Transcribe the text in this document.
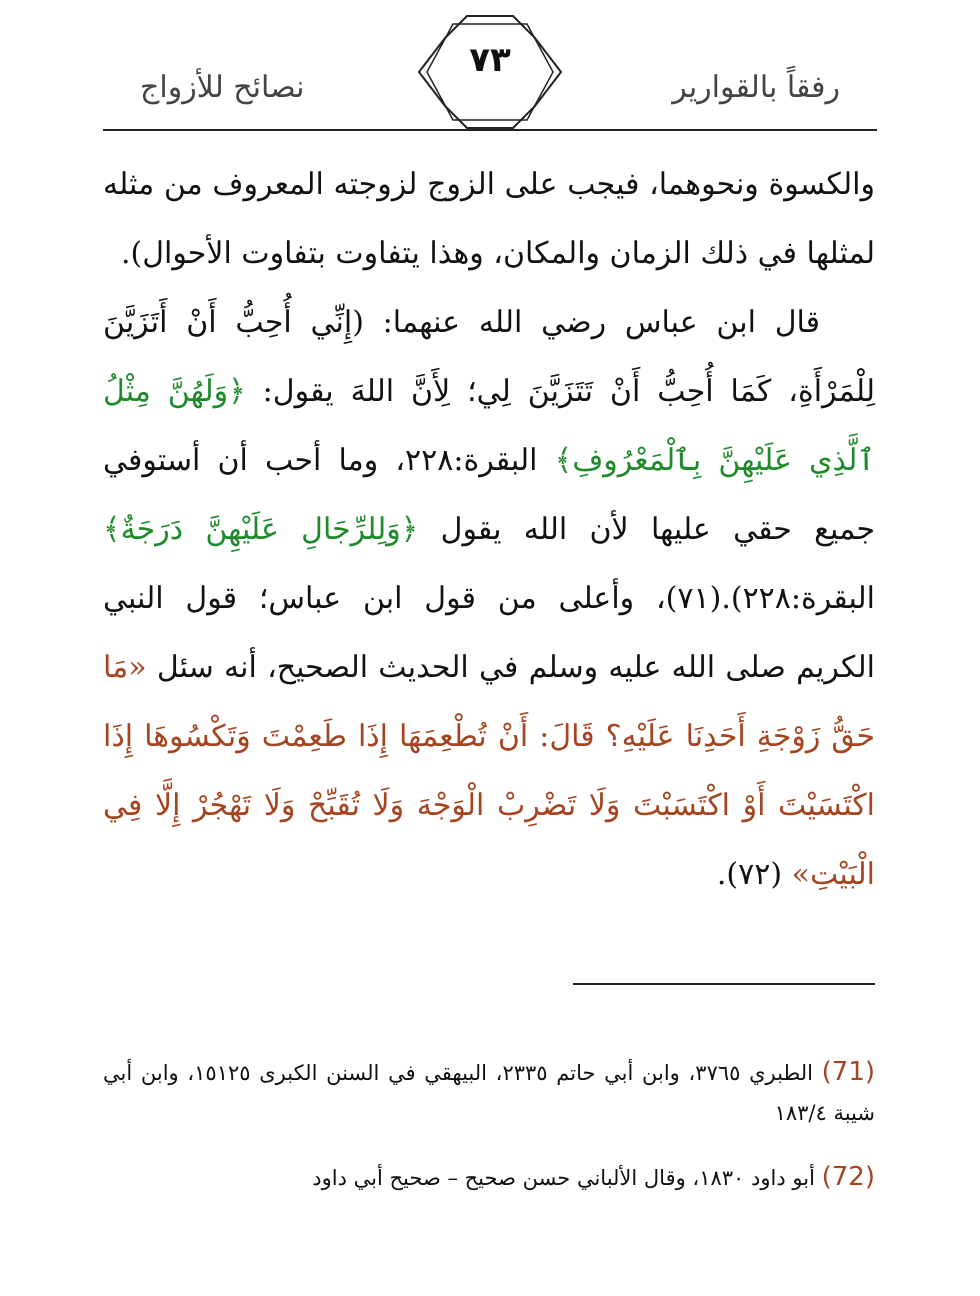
نصائح للأزواج
٧٣
رفقاً بالقوارير

والكسوة ونحوهما، فيجب على الزوج لزوجته المعروف من مثله لمثلها في ذلك الزمان والمكان، وهذا يتفاوت بتفاوت الأحوال).

قال ابن عباس رضي الله عنهما: (إِنِّي أُحِبُّ أَنْ أَتَزَيَّنَ لِلْمَرْأَةِ، كَمَا أُحِبُّ أَنْ تَتَزَيَّنَ لِي؛ لِأَنَّ اللهَ يقول: ﴿وَلَهُنَّ مِثْلُ ٱلَّذِي عَلَيْهِنَّ بِٱلْمَعْرُوفِ﴾ البقرة:٢٢٨، وما أحب أن أستوفي جميع حقي عليها لأن الله يقول ﴿وَلِلرِّجَالِ عَلَيْهِنَّ دَرَجَةٌ﴾ البقرة:٢٢٨).(٧١)، وأعلى من قول ابن عباس؛ قول النبي الكريم صلى الله عليه وسلم في الحديث الصحيح، أنه سئل «مَا حَقُّ زَوْجَةِ أَحَدِنَا عَلَيْهِ؟ قَالَ: أَنْ تُطْعِمَهَا إِذَا طَعِمْتَ وَتَكْسُوهَا إِذَا اكْتَسَيْتَ أَوْ اكْتَسَبْتَ وَلَا تَضْرِبْ الْوَجْهَ وَلَا تُقَبِّحْ وَلَا تَهْجُرْ إِلَّا فِي الْبَيْتِ» (٧٢).

(71) الطبري ٣٧٦٥، وابن أبي حاتم ٢٣٣٥، البيهقي في السنن الكبرى ١٥١٢٥، وابن أبي شيبة ١٨٣/٤

(72) أبو داود ١٨٣٠، وقال الألباني حسن صحيح – صحيح أبي داود
